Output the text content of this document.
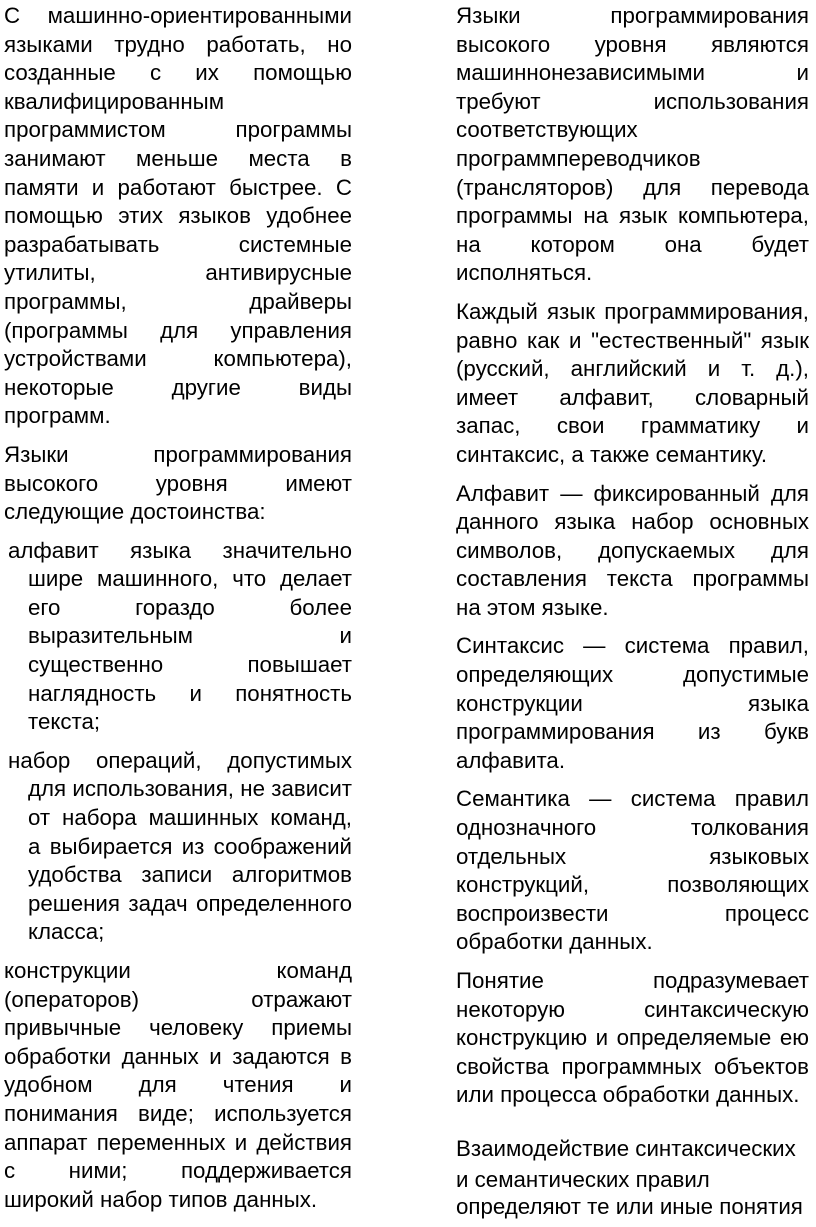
С машинно-ориентированными языками трудно работать, но созданные с их помощью квалифицированным программистом программы занимают меньше места в памяти и работают быстрее. С помощью этих языков удобнее разрабатывать системные утилиты, антивирусные программы, драйверы (программы для управления устройствами компьютера), некоторые другие виды программ.

Языки программирования высокого уровня имеют следующие достоинства:

алфавит языка значительно шире машинного, что делает его гораздо более выразительным и существенно повышает наглядность и понятность текста;

набор операций, допустимых для использования, не зависит от набора машинных команд, а выбирается из соображений удобства записи алгоритмов решения задач определенного класса;

конструкции команд (операторов) отражают привычные человеку приемы обработки данных и задаются в удобном для чтения и понимания виде; используется аппарат переменных и действия с ними; поддерживается широкий набор типов данных.

Языки программирования высокого уровня являются машиннонезависимыми и требуют использования соответствующих программпереводчиков (трансляторов) для перевода программы на язык компьютера, на котором она будет исполняться.

Каждый язык программирования, равно как и "естественный" язык (русский, английский и т. д.), имеет алфавит, словарный запас, свои грамматику и синтаксис, а также семантику.

Алфавит — фиксированный для данного языка набор основных символов, допускаемых для составления текста программы на этом языке.

Синтаксис — система правил, определяющих допустимые конструкции языка программирования из букв алфавита.

Семантика — система правил однозначного толкования отдельных языковых конструкций, позволяющих воспроизвести процесс обработки данных.

Понятие подразумевает некоторую синтаксическую конструкцию и определяемые ею свойства программных объектов или процесса обработки данных.

Взаимодействие синтаксических и семантических правил
определяют те или иные понятия
